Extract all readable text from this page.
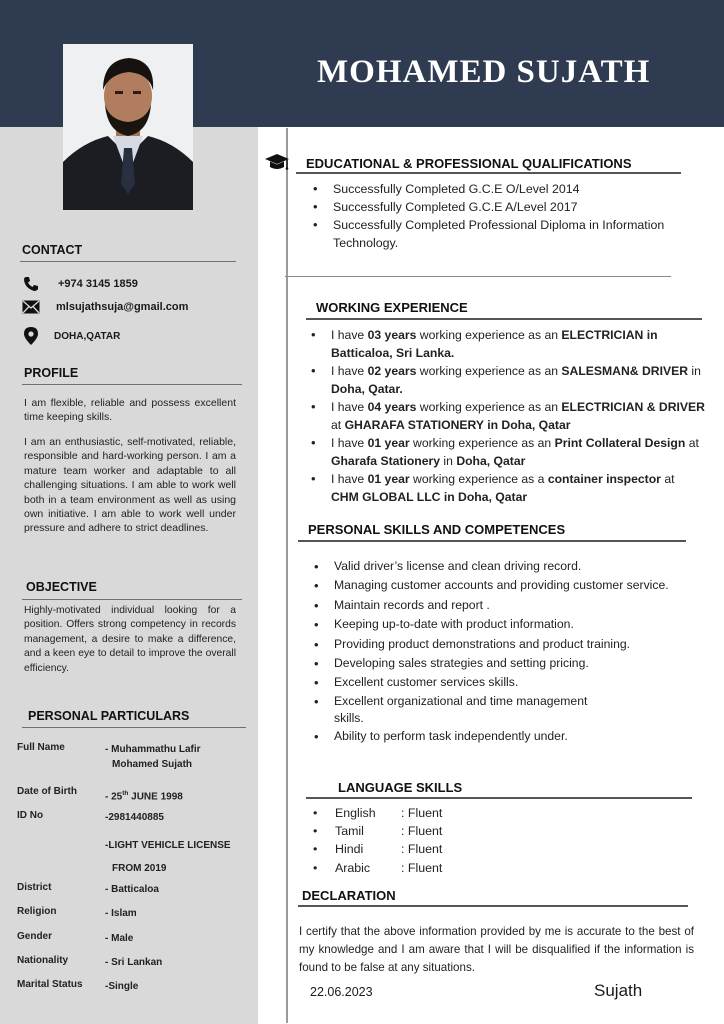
MOHAMED SUJATH
CONTACT
+974 3145 1859
mlsujathsuja@gmail.com
DOHA,QATAR
PROFILE
I am flexible, reliable and possess excellent time keeping skills.
I am an enthusiastic, self-motivated, reliable, responsible and hard-working person. I am a mature team worker and adaptable to all challenging situations. I am able to work well both in a team environment as well as using own initiative. I am able to work well under pressure and adhere to strict deadlines.
OBJECTIVE
Highly-motivated individual looking for a position. Offers strong competency in records management, a desire to make a difference, and a keen eye to detail to improve the overall efficiency.
PERSONAL PARTICULARS
Full Name	- Muhammathu Lafir
Mohamed Sujath
Date of Birth	- 25th JUNE 1998
ID No	-2981440885
-LIGHT VEHICLE LICENSE
FROM 2019
District	- Batticaloa
Religion	- Islam
Gender	- Male
Nationality	- Sri Lankan
Marital Status	-Single
EDUCATIONAL & PROFESSIONAL QUALIFICATIONS
• Successfully Completed G.C.E O/Level 2014
• Successfully Completed G.C.E A/Level 2017
• Successfully Completed Professional Diploma in Information Technology.
WORKING EXPERIENCE
• I have 03 years working experience as an ELECTRICIAN in Batticaloa, Sri Lanka.
• I have 02 years working experience as an SALESMAN& DRIVER in Doha, Qatar.
• I have 04 years working experience as an ELECTRICIAN & DRIVER at GHARAFA STATIONERY in Doha, Qatar
• I have 01 year working experience as an Print Collateral Design at Gharafa Stationery in Doha, Qatar
• I have 01 year working experience as a container inspector at CHM GLOBAL LLC in Doha, Qatar
PERSONAL SKILLS AND COMPETENCES
• Valid driver’s license and clean driving record.
• Managing customer accounts and providing customer service.
• Maintain records and report .
• Keeping up-to-date with product information.
• Providing product demonstrations and product training.
• Developing sales strategies and setting pricing.
• Excellent customer services skills.
• Excellent organizational and time management skills.
• Ability to perform task independently under.
LANGUAGE SKILLS
• English : Fluent
• Tamil	: Fluent
• Hindi	: Fluent
• Arabic : Fluent
DECLARATION
I certify that the above information provided by me is accurate to the best of my knowledge and I am aware that I will be disqualified if the information is found to be false at any situations.
22.06.2023	Sujath
